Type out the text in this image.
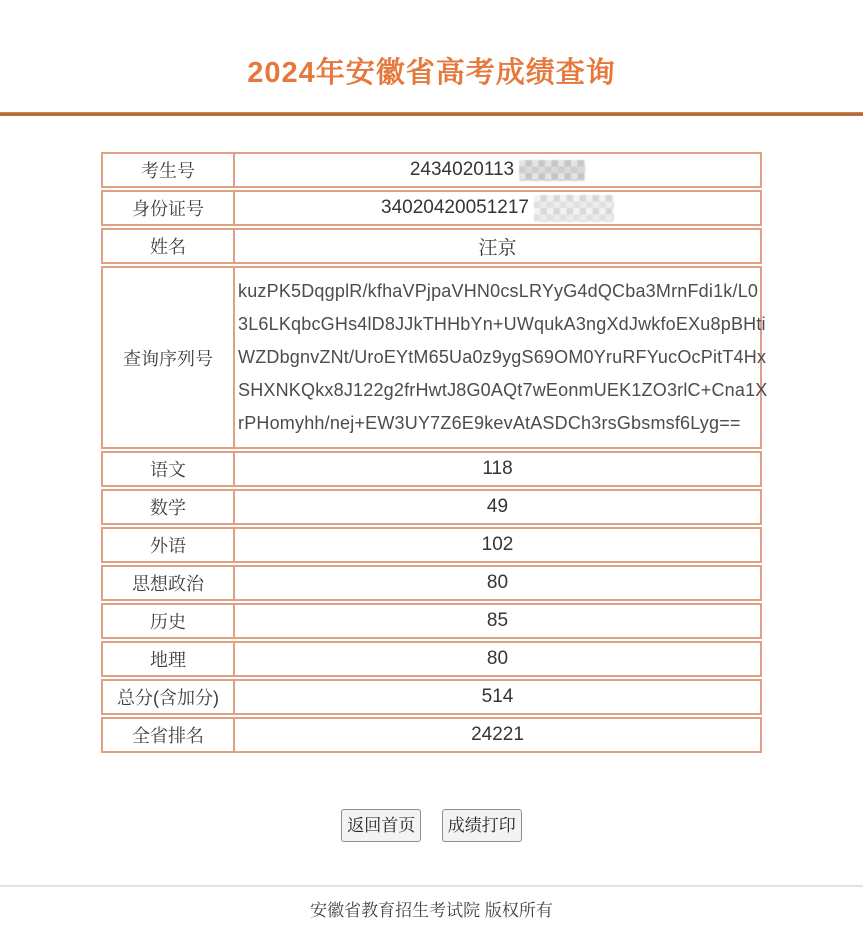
2024年安徽省高考成绩查询
考生号	2434020113
身份证号	34020420051217
姓名	汪京
查询序列号
kuzPK5DqgplR/kfhaVPjpaVHN0csLRYyG4dQCba3MrnFdi1k/L0
3L6LKqbcGHs4lD8JJkTHHbYn+UWqukA3ngXdJwkfoEXu8pBHti
WZDbgnvZNt/UroEYtM65Ua0z9ygS69OM0YruRFYucOcPitT4Hx
SHXNKQkx8J122g2frHwtJ8G0AQt7wEonmUEK1ZO3rlC+Cna1X
rPHomyhh/nej+EW3UY7Z6E9kevAtASDCh3rsGbsmsf6Lyg==
语文	118
数学	49
外语	102
思想政治	80
历史	85
地理	80
总分(含加分)	514
全省排名	24221
返回首页 成绩打印
安徽省教育招生考试院 版权所有
